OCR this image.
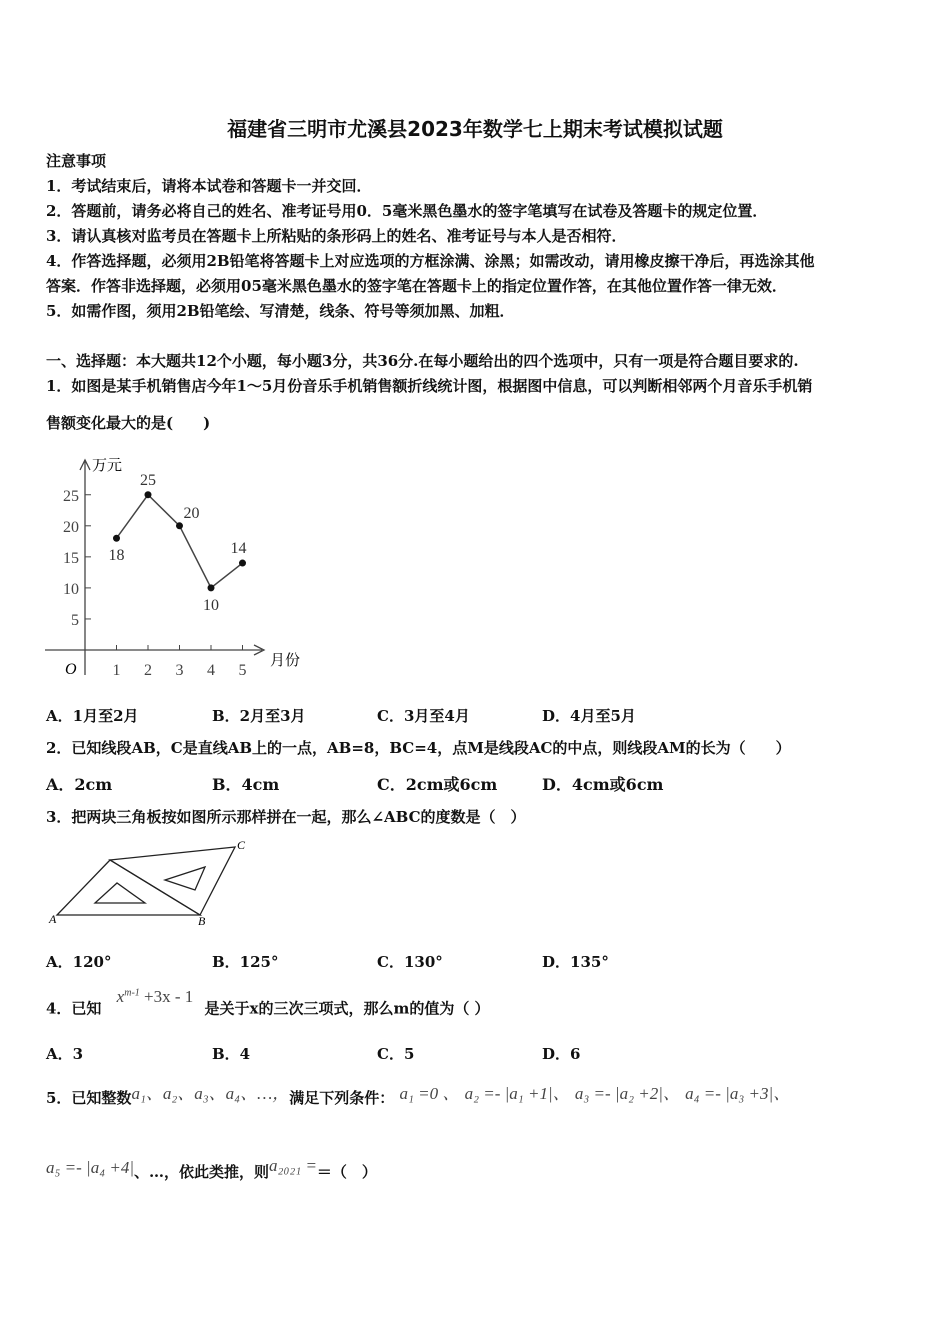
福建省三明市尤溪县2023年数学七上期末考试模拟试题
注意事项
1．考试结束后，请将本试卷和答题卡一并交回．
2．答题前，请务必将自己的姓名、准考证号用0．5毫米黑色墨水的签字笔填写在试卷及答题卡的规定位置．
3．请认真核对监考员在答题卡上所粘贴的条形码上的姓名、准考证号与本人是否相符．
4．作答选择题，必须用2B铅笔将答题卡上对应选项的方框涂满、涂黑；如需改动，请用橡皮擦干净后，再选涂其他
答案．作答非选择题，必须用05毫米黑色墨水的签字笔在答题卡上的指定位置作答，在其他位置作答一律无效．
5．如需作图，须用2B铅笔绘、写清楚，线条、符号等须加黑、加粗．
一、选择题：本大题共12个小题，每小题3分，共36分.在每小题给出的四个选项中，只有一项是符合题目要求的.
1．如图是某手机销售店今年1～5月份音乐手机销售额折线统计图，根据图中信息，可以判断相邻两个月音乐手机销
售额变化最大的是(　　)
万元
月份
O
5
10
15
20
25
1 2 3 4 5
18
25
20
10
14
A．1月至2月	B．2月至3月	C．3月至4月	D．4月至5月
2．已知线段AB，C是直线AB上的一点，AB=8，BC=4，点M是线段AC的中点，则线段AM的长为（　　）
A．2cm	B．4cm	C．2cm或6cm	D．4cm或6cm
3．把两块三角板按如图所示那样拼在一起，那么∠ABC的度数是（　）
A	B
C
A．120°	B．125°	C．130°	D．135°
4．已知 $x^{m-1} +3x - 1$ 是关于x的三次三项式，那么m的值为（ ）
A．3	B．4	C．5	D．6
5．已知整数a₁、a₂、a₃、a₄、…，满足下列条件： a₁ =0 、 a₂ =- |a₁ +1|、 a₃ =- |a₂ +2|、 a₄ =- |a₃ +3|、
a₅ =- |a₄ +4|、…，依此类推，则a₂₀₂₁ =＝（　）
